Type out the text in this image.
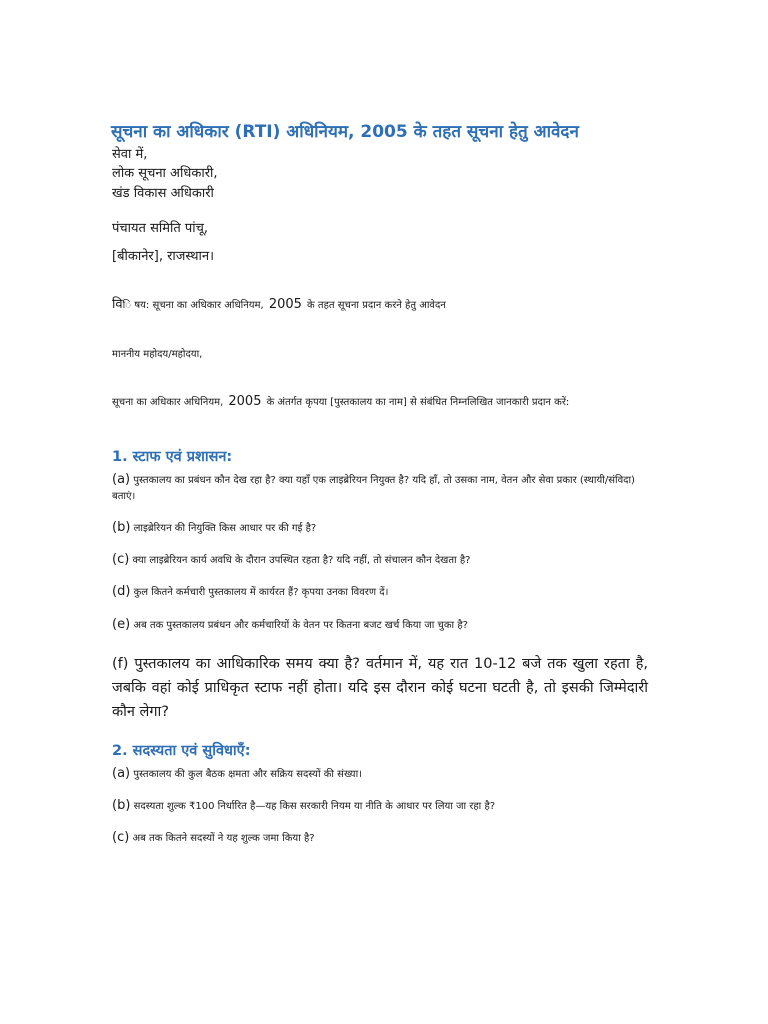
सूचना का अधिकार (RTI) अधिनियम, 2005 के तहत सूचना हेतु आवेदन
सेवा में,
लोक सूचना अधिकारी,
खंड विकास अधिकारी
पंचायत समिति पांचू,
[बीकानेर], राजस्थान।
विि षय: सूचना का अधिकार अधिनियम, 2005 के तहत सूचना प्रदान करने हेतु आवेदन
माननीय महोदय/महोदया,
सूचना का अधिकार अधिनियम, 2005 के अंतर्गत कृपया [पुस्तकालय का नाम] से संबंधित निम्नलिखित जानकारी प्रदान करें:
1. स्टाफ एवं प्रशासन:
(a) पुस्तकालय का प्रबंधन कौन देख रहा है? क्या यहाँ एक लाइब्रेरियन नियुक्त है? यदि हाँ, तो उसका नाम, वेतन और सेवा प्रकार (स्थायी/संविदा) बताएं।
(b) लाइब्रेरियन की नियुक्ति किस आधार पर की गई है?
(c) क्या लाइब्रेरियन कार्य अवधि के दौरान उपस्थित रहता है? यदि नहीं, तो संचालन कौन देखता है?
(d) कुल कितने कर्मचारी पुस्तकालय में कार्यरत हैं? कृपया उनका विवरण दें।
(e) अब तक पुस्तकालय प्रबंधन और कर्मचारियों के वेतन पर कितना बजट खर्च किया जा चुका है?
(f) पुस्तकालय का आधिकारिक समय क्या है? वर्तमान में, यह रात 10-12 बजे तक खुला रहता है, जबकि वहां कोई प्राधिकृत स्टाफ नहीं होता। यदि इस दौरान कोई घटना घटती है, तो इसकी जिम्मेदारी कौन लेगा?
2. सदस्यता एवं सुविधाएँ:
(a) पुस्तकालय की कुल बैठक क्षमता और सक्रिय सदस्यों की संख्या।
(b) सदस्यता शुल्क ₹100 निर्धारित है—यह किस सरकारी नियम या नीति के आधार पर लिया जा रहा है?
(c) अब तक कितने सदस्यों ने यह शुल्क जमा किया है?
